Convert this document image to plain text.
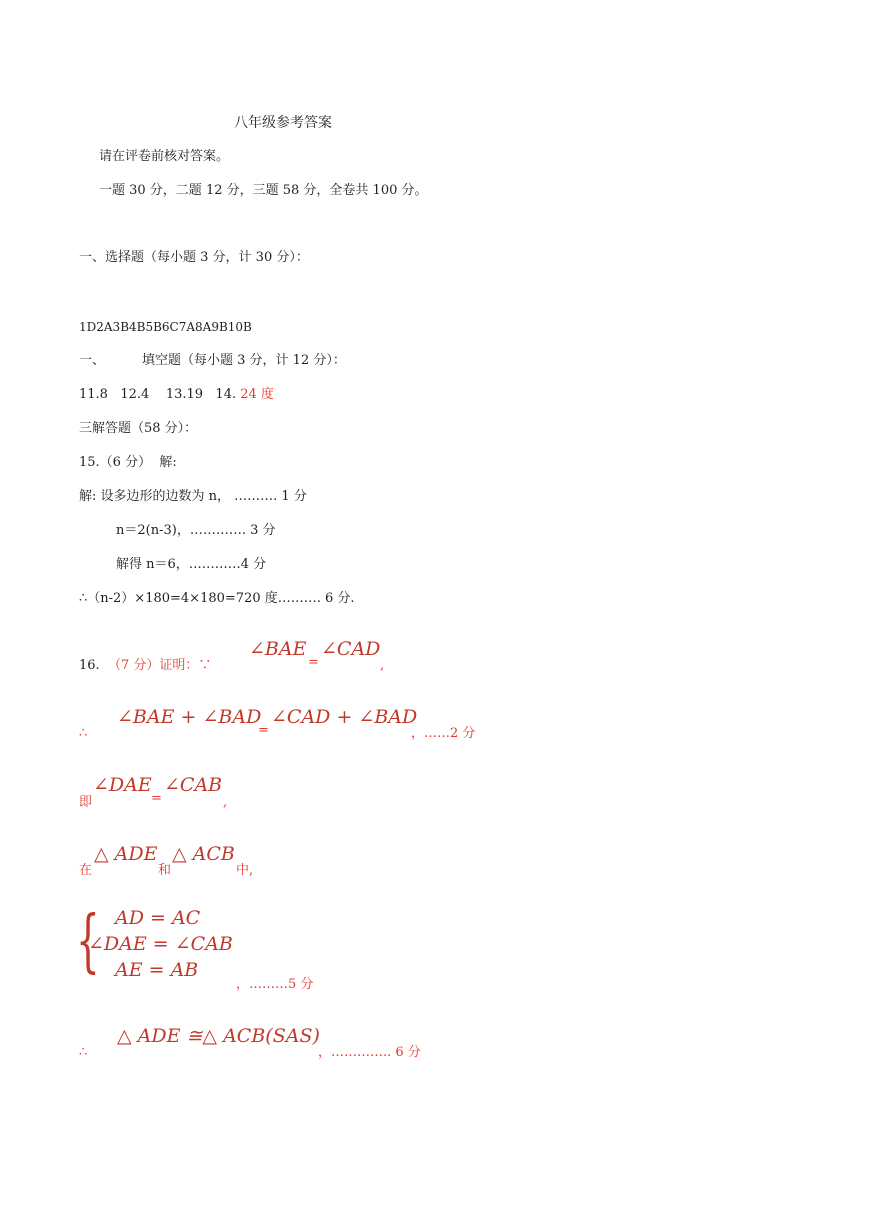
八年级参考答案
请在评卷前核对答案。
一题 30 分，二题 12 分，三题 58 分，全卷共 100 分。
一、选择题（每小题 3 分，计 30 分）：
1D2A3B4B5B6C7A8A9B10B
一、	填空题（每小题 3 分，计 12 分）：
11.8   12.4    13.19   14. 24 度
三解答题（58 分）：
15.（6 分）  解:
解: 设多边形的边数为 n， ………. 1 分
n＝2(n-3)，…………. 3 分
解得 n＝6，…………4 分
∴（n-2）×180=4×180=720 度………. 6 分.
16. （7 分）证明：∵
∠BAE
=
∠CAD
,
∴
∠BAE + ∠BAD
=
∠CAD + ∠BAD
，……2 分
即
∠DAE
=
∠CAB
,
在
△ ADE
和
△ ACB
中,
{ AD = AC
∠DAE = ∠CAB
AE = AB
，………5 分
∴
△ ADE ≅△ ACB(SAS)
，………….. 6 分
